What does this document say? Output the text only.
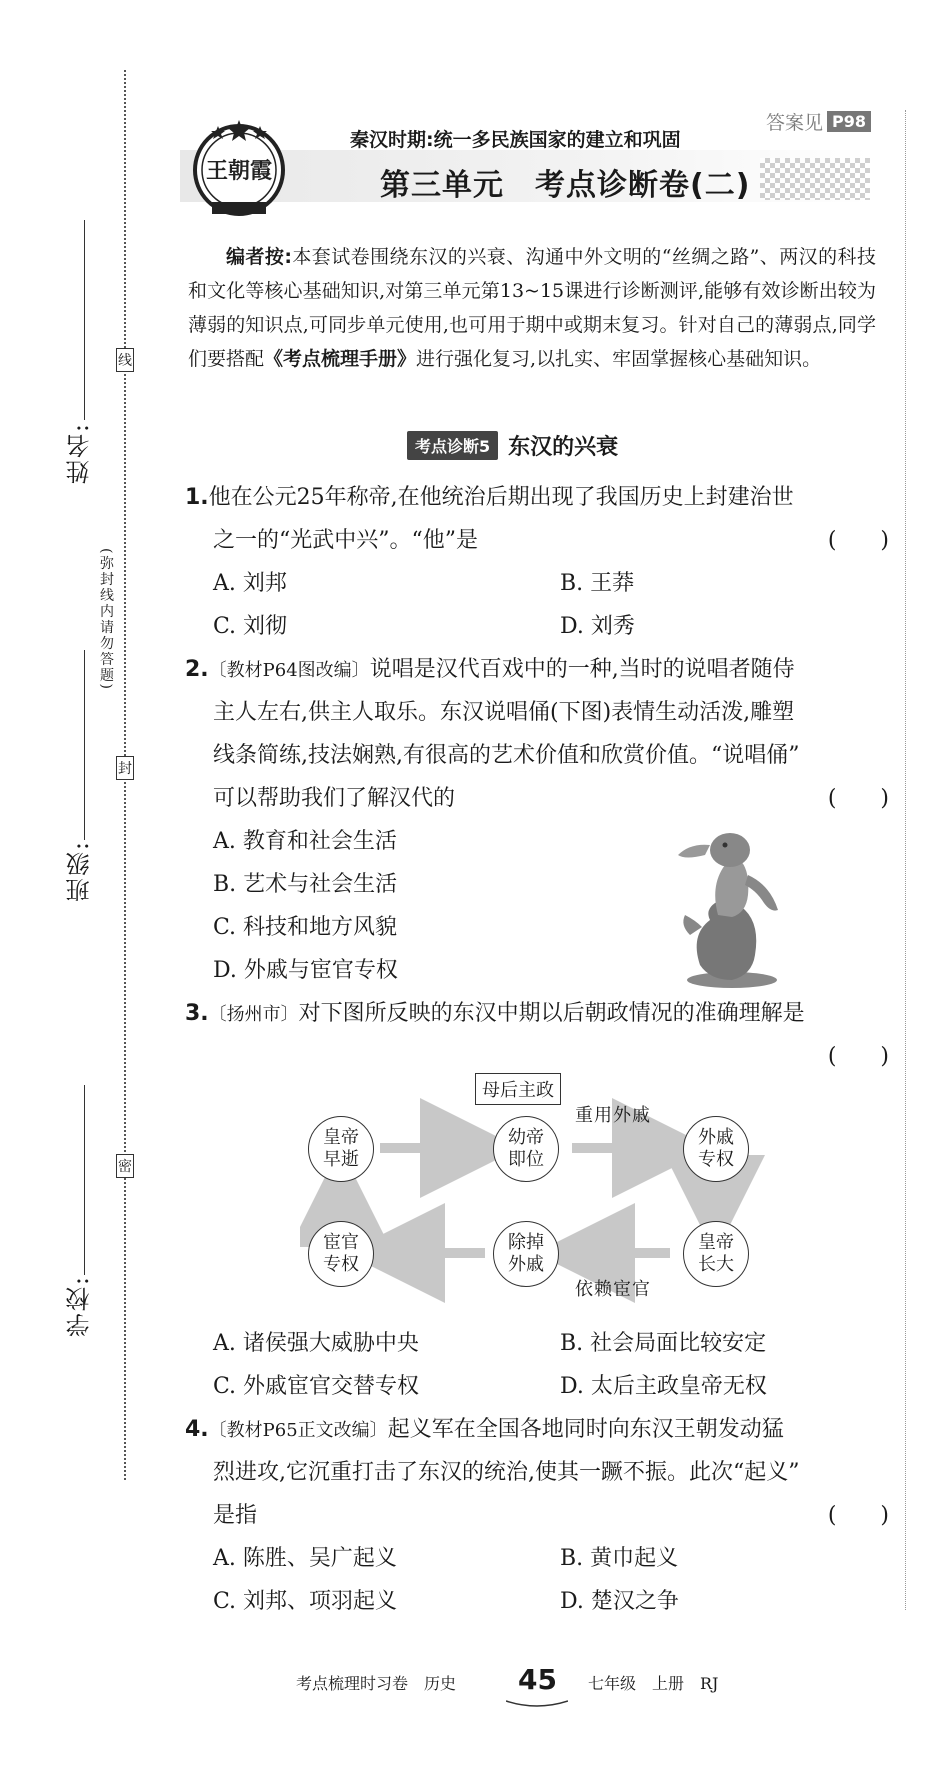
姓名:
班级:
学校:
线
封
密
(弥封线内请勿答题)
答案见 P98
王朝霞
秦汉时期:统一多民族国家的建立和巩固
第三单元　考点诊断卷(二)

编者按:本套试卷围绕东汉的兴衰、沟通中外文明的“丝绸之路”、两汉的科技和文化等核心基础知识,对第三单元第13~15课进行诊断测评,能够有效诊断出较为薄弱的知识点,可同步单元使用,也可用于期中或期末复习。针对自己的薄弱点,同学们要搭配《考点梳理手册》进行强化复习,以扎实、牢固掌握核心基础知识。

考点诊断5 东汉的兴衰
1.他在公元25年称帝,在他统治后期出现了我国历史上封建治世
之一的“光武中兴”。“他”是	(　　)
A. 刘邦	B. 王莽
C. 刘彻	D. 刘秀
2.〔教材P64图改编〕说唱是汉代百戏中的一种,当时的说唱者随侍
主人左右,供主人取乐。东汉说唱俑(下图)表情生动活泼,雕塑
线条简练,技法娴熟,有很高的艺术价值和欣赏价值。“说唱俑”
可以帮助我们了解汉代的	(　　)
A. 教育和社会生活
B. 艺术与社会生活
C. 科技和地方风貌
D. 外戚与宦官专权
3.〔扬州市〕对下图所反映的东汉中期以后朝政情况的准确理解是
(　　)
母后主政
重用外戚
依赖宦官
皇帝
早逝
幼帝
即位
外戚
专权
皇帝
长大
除掉
外戚
宦官
专权
A. 诸侯强大威胁中央	B. 社会局面比较安定
C. 外戚宦官交替专权	D. 太后主政皇帝无权
4.〔教材P65正文改编〕起义军在全国各地同时向东汉王朝发动猛
烈进攻,它沉重打击了东汉的统治,使其一蹶不振。此次“起义”
是指	(　　)
A. 陈胜、吴广起义	B. 黄巾起义
C. 刘邦、项羽起义	D. 楚汉之争
考点梳理时习卷　历史 45 七年级　上册　RJ
